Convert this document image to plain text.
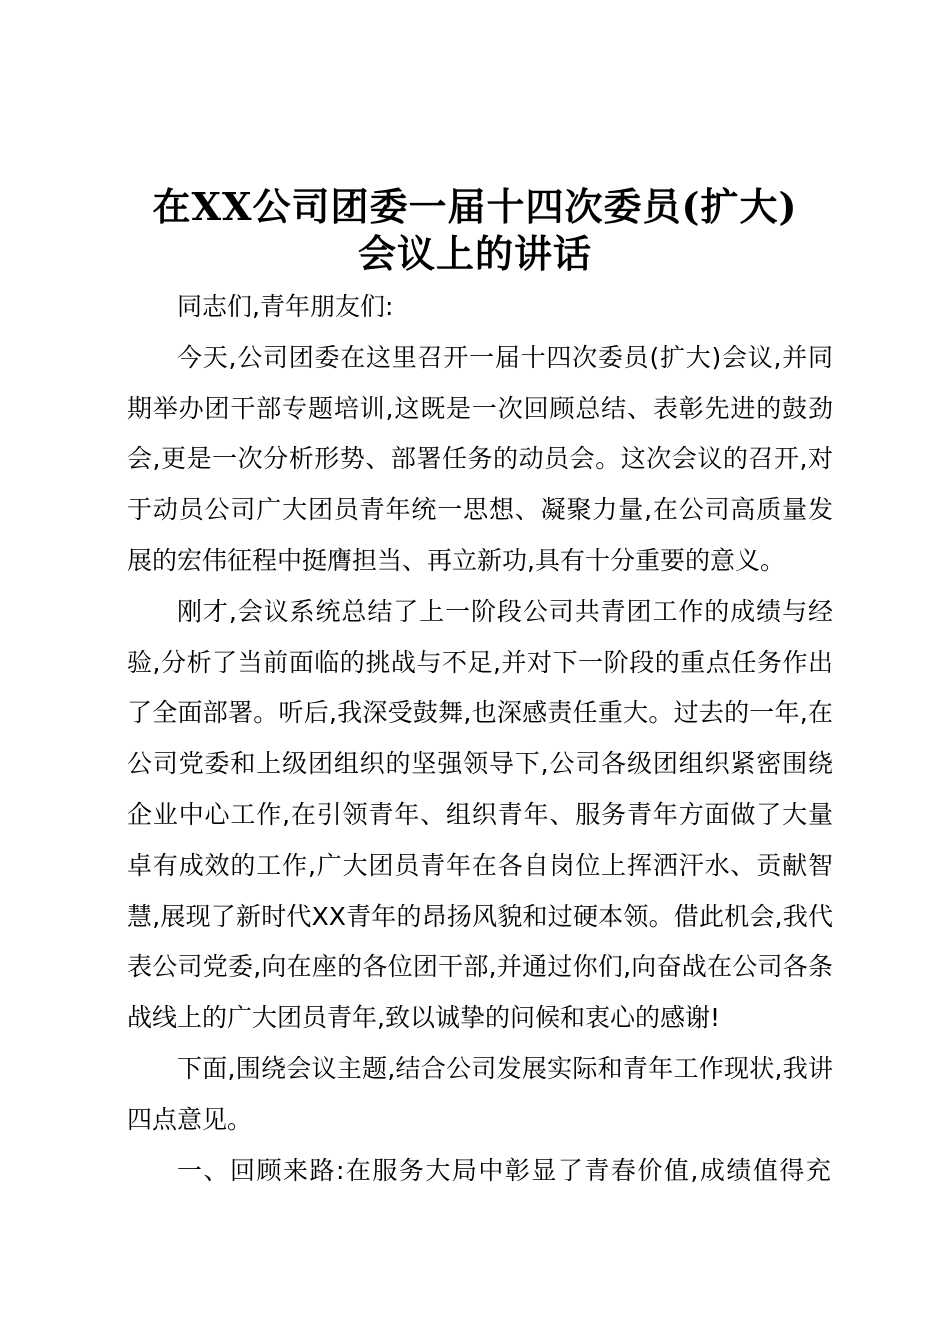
在XX公司团委一届十四次委员(扩大)
会议上的讲话

同志们,青年朋友们:

今天,公司团委在这里召开一届十四次委员(扩大)会议,并同期举办团干部专题培训,这既是一次回顾总结、表彰先进的鼓劲会,更是一次分析形势、部署任务的动员会。这次会议的召开,对于动员公司广大团员青年统一思想、凝聚力量,在公司高质量发展的宏伟征程中挺膺担当、再立新功,具有十分重要的意义。

刚才,会议系统总结了上一阶段公司共青团工作的成绩与经验,分析了当前面临的挑战与不足,并对下一阶段的重点任务作出了全面部署。听后,我深受鼓舞,也深感责任重大。过去的一年,在公司党委和上级团组织的坚强领导下,公司各级团组织紧密围绕企业中心工作,在引领青年、组织青年、服务青年方面做了大量卓有成效的工作,广大团员青年在各自岗位上挥洒汗水、贡献智慧,展现了新时代XX青年的昂扬风貌和过硬本领。借此机会,我代表公司党委,向在座的各位团干部,并通过你们,向奋战在公司各条战线上的广大团员青年,致以诚挚的问候和衷心的感谢!

下面,围绕会议主题,结合公司发展实际和青年工作现状,我讲四点意见。

一、回顾来路:在服务大局中彰显了青春价值,成绩值得充
